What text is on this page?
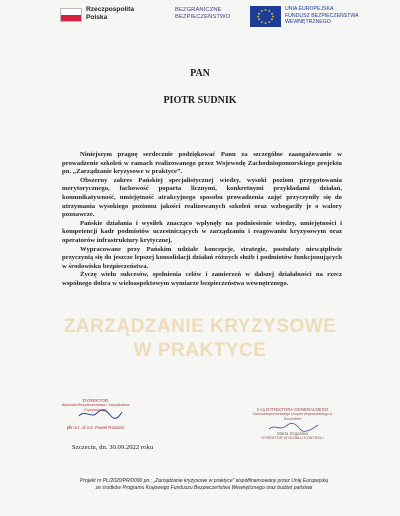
Rzeczpospolita
Polska
BEZGRANICZNE
BEZPIECZEŃSTWO
UNIA EUROPEJSKA
FUNDUSZ BEZPIECZEŃSTWA
WEWNĘTRZNEGO
PAN
PIOTR SUDNIK
ZARZĄDZANIE KRYZYSOWE
W PRAKTYCE

Niniejszym pragnę serdecznie podziękować Panu za szczególne zaangażowanie w prowadzenie szkoleń w ramach realizowanego przez Wojewodę Zachodniopomorskiego projektu pn. „Zarządzanie kryzysowe w praktyce”.

Obszerny zakres Pańskiej specjalistycznej wiedzy, wysoki poziom przygotowania merytorycznego, fachowość poparta licznymi, konkretnymi przykładami działań, komunikatywność, umiejętność atrakcyjnego sposobu prowadzenia zajęć przyczyniły się do utrzymania wysokiego poziomu jakości realizowanych szkoleń oraz wzbogaciły je o walory poznawcze.

Pańskie działania i wysiłek znacząco wpłynęły na podniesienie wiedzy, umiejętności i kompetencji kadr podmiotów uczestniczących w zarządzaniu i reagowaniu kryzysowym oraz operatorów infrastruktury krytycznej.

Wypracowane przy Pańskim udziale koncepcje, strategie, postulaty niewątpliwie przyczynią się do jeszcze lepszej konsolidacji działań różnych służb i podmiotów funkcjonujących w środowisku bezpieczeństwa.

Życzę wielu sukcesów, spełnienia celów i zamierzeń w dalszej działalności na rzecz wspólnego dobra w wieloaspektowym wymiarze bezpieczeństwa wewnętrznego.

DYREKTOR
Wydziału Bezpieczeństwa i Zarządzania Kryzysowego
płk rez. dr inż. Paweł Rodacki
z-ca DYREKTORA GENERALNEGO
Zachodniopomorskiego Urzędu Wojewódzkiego w Szczecinie
Marta Zegarska
DYREKTOR WYDZIAŁU KONTROLI
Szczecin, dn. 30.09.2022 roku
Projekt nr PL/2020/PR/0090 pn.: „Zarządzanie kryzysowe w praktyce” współfinansowany przez Unię Europejską
ze środków Programu Krajowego Funduszu Bezpieczeństwa Wewnętrznego oraz budżet państwa
